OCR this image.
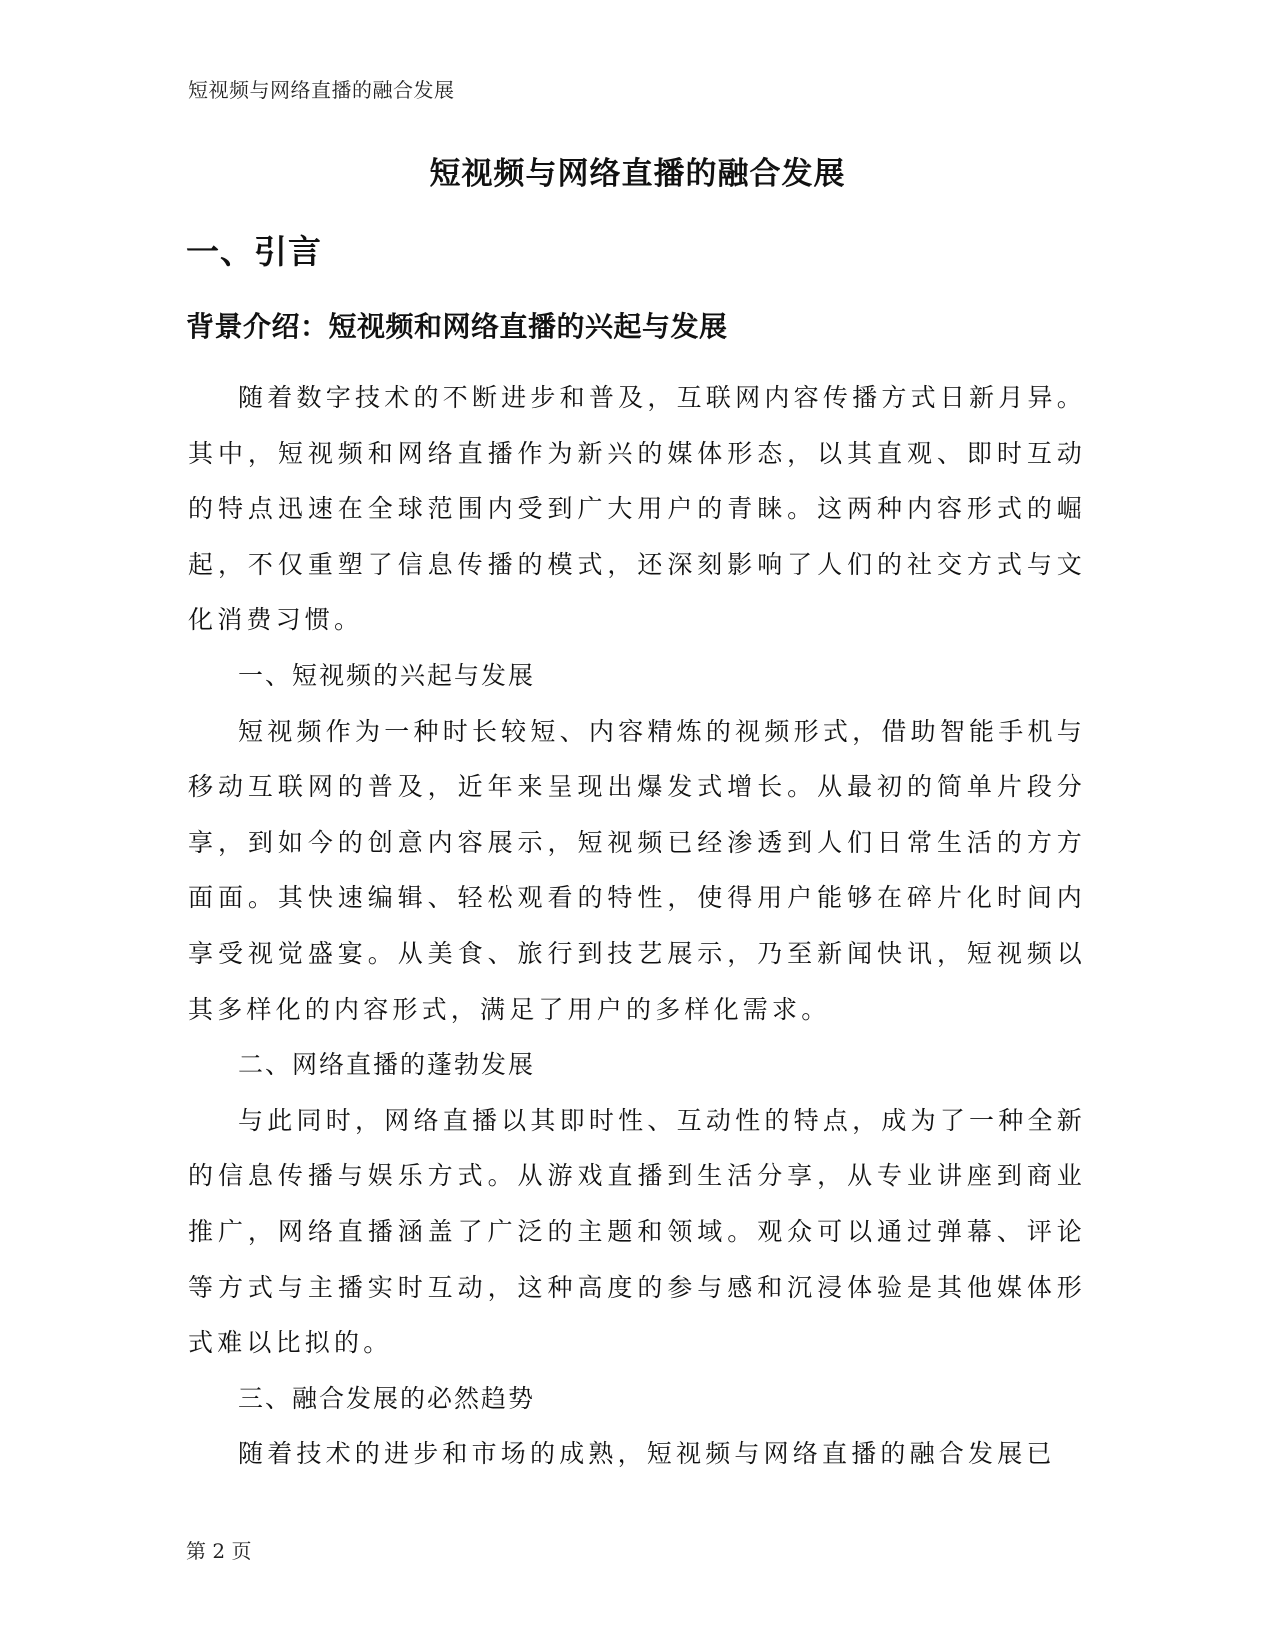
短视频与网络直播的融合发展
短视频与网络直播的融合发展
一、引言
背景介绍：短视频和网络直播的兴起与发展

随着数字技术的不断进步和普及，互联网内容传播方式日新月异。其中，短视频和网络直播作为新兴的媒体形态，以其直观、即时互动的特点迅速在全球范围内受到广大用户的青睐。这两种内容形式的崛起，不仅重塑了信息传播的模式，还深刻影响了人们的社交方式与文化消费习惯。

一、短视频的兴起与发展

短视频作为一种时长较短、内容精炼的视频形式，借助智能手机与移动互联网的普及，近年来呈现出爆发式增长。从最初的简单片段分享，到如今的创意内容展示，短视频已经渗透到人们日常生活的方方面面。其快速编辑、轻松观看的特性，使得用户能够在碎片化时间内享受视觉盛宴。从美食、旅行到技艺展示，乃至新闻快讯，短视频以其多样化的内容形式，满足了用户的多样化需求。

二、网络直播的蓬勃发展

与此同时，网络直播以其即时性、互动性的特点，成为了一种全新的信息传播与娱乐方式。从游戏直播到生活分享，从专业讲座到商业推广，网络直播涵盖了广泛的主题和领域。观众可以通过弹幕、评论等方式与主播实时互动，这种高度的参与感和沉浸体验是其他媒体形式难以比拟的。

三、融合发展的必然趋势

随着技术的进步和市场的成熟，短视频与网络直播的融合发展已

第 2 页
